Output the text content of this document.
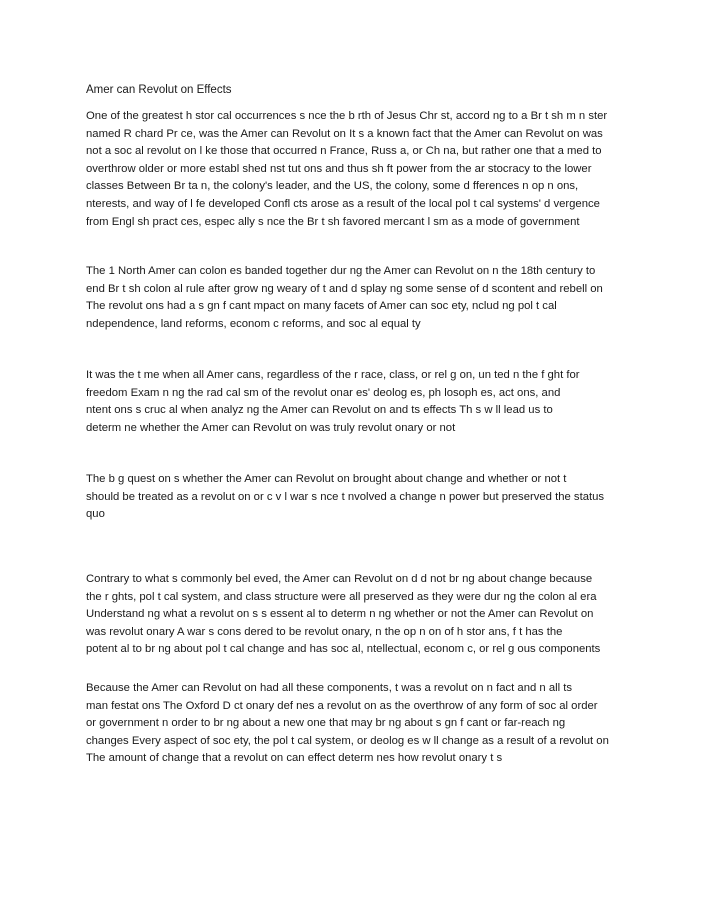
Amer can Revolut on Effects

One of the greatest h stor cal occurrences s nce the b rth of Jesus Chr st, accord ng to a Br t sh m n ster
named R chard Pr ce, was the Amer can Revolut on It s a known fact that the Amer can Revolut on was
not a soc al revolut on l ke those that occurred n France, Russ a, or Ch na, but rather one that a med to
overthrow older or more establ shed nst tut ons and thus sh ft power from the ar stocracy to the lower
classes Between Br ta n, the colony's leader, and the US, the colony, some d fferences n op n ons,
nterests, and way of l fe developed Confl cts arose as a result of the local pol t cal systems' d vergence
from Engl sh pract ces, espec ally s nce the Br t sh favored mercant l sm as a mode of government

The 1 North Amer can colon es banded together dur ng the Amer can Revolut on n the 18th century to
end Br t sh colon al rule after grow ng weary of t and d splay ng some sense of d scontent and rebell on
The revolut ons had a s gn f cant mpact on many facets of Amer can soc ety, nclud ng pol t cal
ndependence, land reforms, econom c reforms, and soc al equal ty

It was the t me when all Amer cans, regardless of the r race, class, or rel g on, un ted n the f ght for
freedom Exam n ng the rad cal sm of the revolut onar es' deolog es, ph losoph es, act ons, and
ntent ons s cruc al when analyz ng the Amer can Revolut on and ts effects Th s w ll lead us to
determ ne whether the Amer can Revolut on was truly revolut onary or not

The b g quest on s whether the Amer can Revolut on brought about change and whether or not t
should be treated as a revolut on or c v l war s nce t nvolved a change n power but preserved the status
quo

Contrary to what s commonly bel eved, the Amer can Revolut on d d not br ng about change because
the r ghts, pol t cal system, and class structure were all preserved as they were dur ng the colon al era
Understand ng what a revolut on s s essent al to determ n ng whether or not the Amer can Revolut on
was revolut onary A war s cons dered to be revolut onary, n the op n on of h stor ans, f t has the
potent al to br ng about pol t cal change and has soc al, ntellectual, econom c, or rel g ous components

Because the Amer can Revolut on had all these components, t was a revolut on n fact and n all ts
man festat ons The Oxford D ct onary def nes a revolut on as the overthrow of any form of soc al order
or government n order to br ng about a new one that may br ng about s gn f cant or far-reach ng
changes Every aspect of soc ety, the pol t cal system, or deolog es w ll change as a result of a revolut on
The amount of change that a revolut on can effect determ nes how revolut onary t s
